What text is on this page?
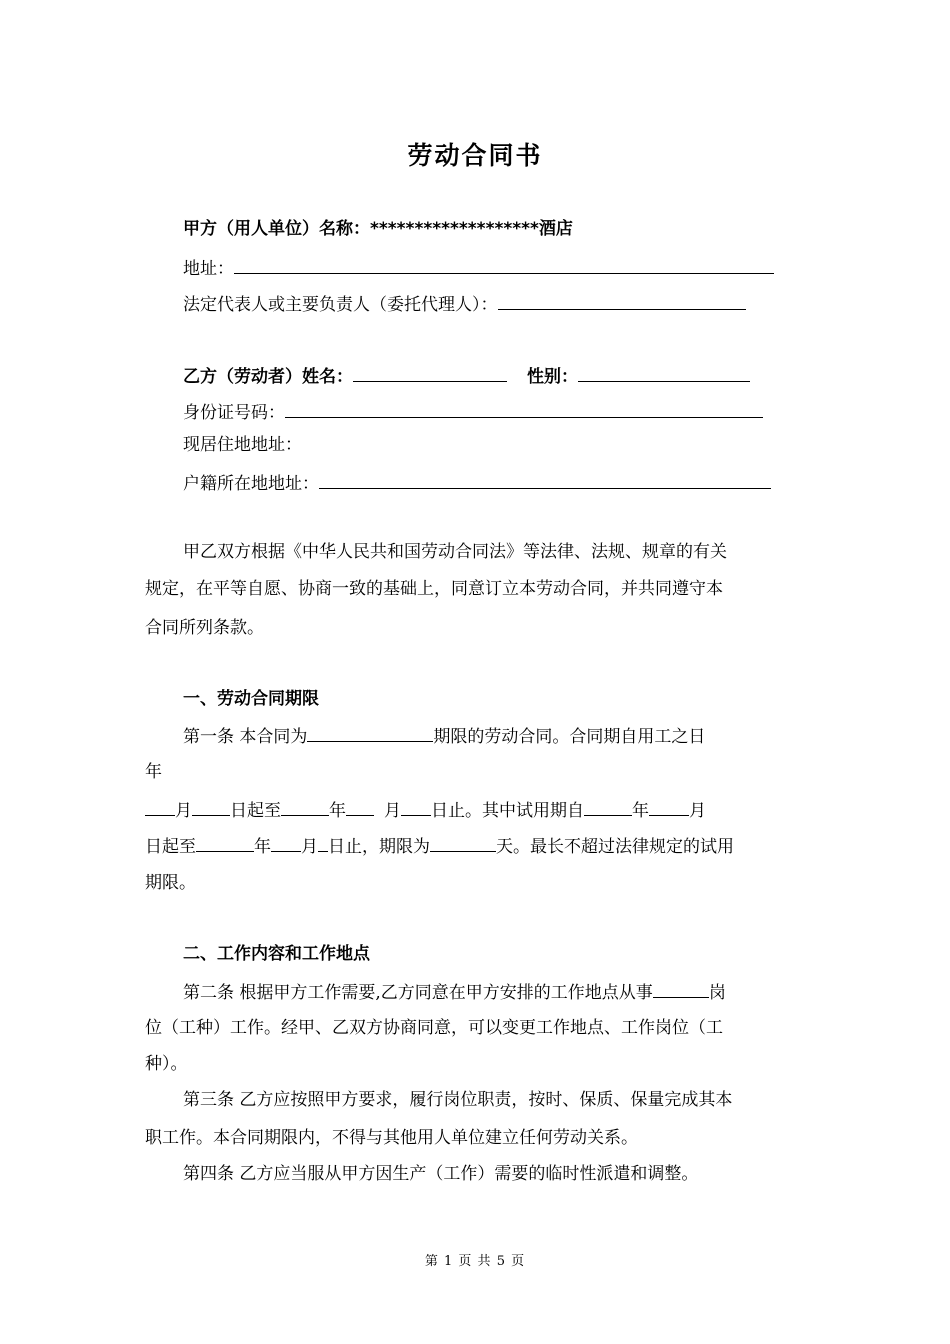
劳动合同书
甲方（用人单位）名称：*******************酒店
地址：
法定代表人或主要负责人（委托代理人）：
乙方（劳动者）姓名：	性别：
身份证号码：
现居住地地址：
户籍所在地地址：
甲乙双方根据《中华人民共和国劳动合同法》等法律、法规、规章的有关
规定，在平等自愿、协商一致的基础上，同意订立本劳动合同，并共同遵守本
合同所列条款。
一、劳动合同期限
第一条 本合同为	期限的劳动合同。合同期自用工之日
年
月 日起至	年 月 日止。其中试用期自	年 月
日起至	年 月 日止，期限为	天。最长不超过法律规定的试用
期限。
二、工作内容和工作地点
第二条 根据甲方工作需要,乙方同意在甲方安排的工作地点从事	岗
位（工种）工作。经甲、乙双方协商同意，可以变更工作地点、工作岗位（工
种）。
第三条 乙方应按照甲方要求，履行岗位职责，按时、保质、保量完成其本
职工作。本合同期限内，不得与其他用人单位建立任何劳动关系。
第四条 乙方应当服从甲方因生产（工作）需要的临时性派遣和调整。
第 1 页 共 5 页
